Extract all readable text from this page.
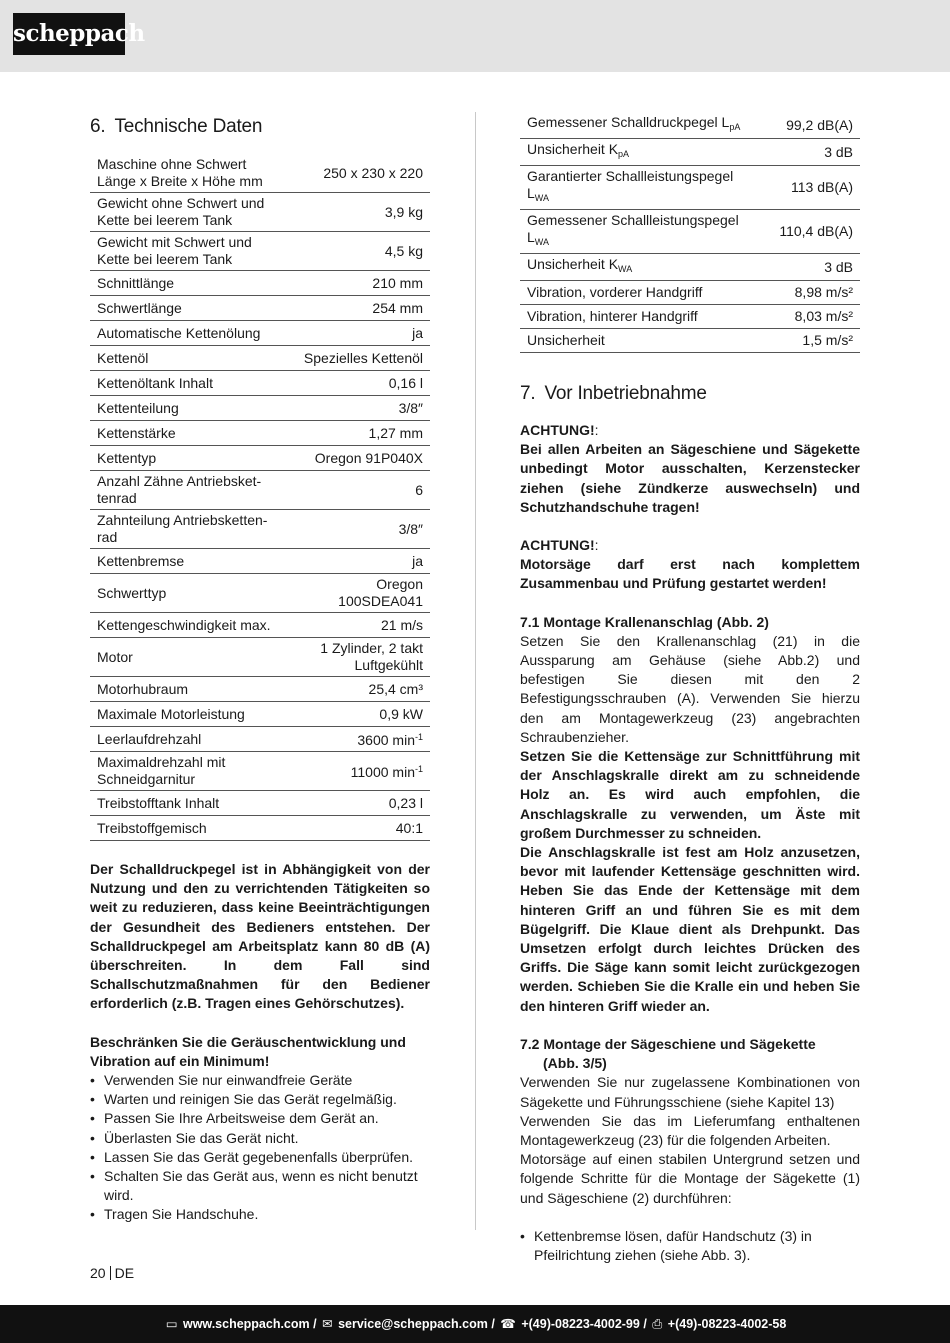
scheppach
6. Technische Daten
Maschine ohne Schwert Länge x Breite x Höhe mm	250 x 230 x 220
Gewicht ohne Schwert und Kette bei leerem Tank	3,9 kg
Gewicht mit Schwert und Kette bei leerem Tank	4,5 kg
Schnittlänge	210 mm
Schwertlänge	254 mm
Automatische Kettenölung	ja
Kettenöl	Spezielles Kettenöl
Kettenöltank Inhalt	0,16 l
Kettenteilung	3/8″
Kettenstärke	1,27 mm
Kettentyp	Oregon 91P040X
Anzahl Zähne Antriebsket-tenrad	6
Zahnteilung Antriebsketten-rad	3/8″
Kettenbremse	ja
Schwerttyp	Oregon 100SDEA041
Kettengeschwindigkeit max.	21 m/s
Motor	1 Zylinder, 2 takt Luftgekühlt
Motorhubraum	25,4 cm³
Maximale Motorleistung	0,9 kW
Leerlaufdrehzahl	3600 $\min^{-1}$
Maximaldrehzahl mit Schneidgarnitur	11000 $\min^{-1}$
Treibstofftank Inhalt	0,23 l
Treibstoffgemisch	40:1

Der Schalldruckpegel ist in Abhängigkeit von der Nutzung und den zu verrichtenden Tätigkeiten so weit zu reduzieren, dass keine Beeinträchtigungen der Gesundheit des Bedieners entstehen. Der Schalldruckpegel am Arbeitsplatz kann 80 dB (A) überschreiten. In dem Fall sind Schallschutzmaßnahmen für den Bediener erforderlich (z.B. Tragen eines Gehörschutzes).

Beschränken Sie die Geräuschentwicklung und Vibration auf ein Minimum!

• Verwenden Sie nur einwandfreie Geräte
• Warten und reinigen Sie das Gerät regelmäßig.
• Passen Sie Ihre Arbeitsweise dem Gerät an.
• Überlasten Sie das Gerät nicht.
• Lassen Sie das Gerät gegebenenfalls überprüfen.
• Schalten Sie das Gerät aus, wenn es nicht benutzt wird.
• Tragen Sie Handschuhe.
Gemessener Schalldruckpegel $L_{pA}$	99,2 dB(A)
Unsicherheit $K_{pA}$	3 dB
Garantierter Schallleistungspegel $L_{WA}$	113 dB(A)
Gemessener Schallleistungspegel $L_{WA}$	110,4 dB(A)
Unsicherheit $K_{WA}$	3 dB
Vibration, vorderer Handgriff	8,98 m/s²
Vibration, hinterer Handgriff	8,03 m/s²
Unsicherheit	1,5 m/s²
7. Vor Inbetriebnahme

ACHTUNG!:

Bei allen Arbeiten an Sägeschiene und Sägekette unbedingt Motor ausschalten, Kerzenstecker ziehen (siehe Zündkerze auswechseln) und Schutzhandschuhe tragen!

ACHTUNG!:

Motorsäge darf erst nach komplettem Zusammenbau und Prüfung gestartet werden!

7.1 Montage Krallenanschlag (Abb. 2)

Setzen Sie den Krallenanschlag (21) in die Aussparung am Gehäuse (siehe Abb.2) und befestigen Sie diesen mit den 2 Befestigungsschrauben (A). Verwenden Sie hierzu den am Montagewerkzeug (23) angebrachten Schraubenzieher.

Setzen Sie die Kettensäge zur Schnittführung mit der Anschlagskralle direkt am zu schneidende Holz an. Es wird auch empfohlen, die Anschlagskralle zu verwenden, um Äste mit großem Durchmesser zu schneiden.
Die Anschlagskralle ist fest am Holz anzusetzen, bevor mit laufender Kettensäge geschnitten wird. Heben Sie das Ende der Kettensäge mit dem hinteren Griff an und führen Sie es mit dem Bügelgriff. Die Klaue dient als Drehpunkt. Das Umsetzen erfolgt durch leichtes Drücken des Griffs. Die Säge kann somit leicht zurückgezogen werden. Schieben Sie die Kralle ein und heben Sie den hinteren Griff wieder an.

7.2 Montage der Sägeschiene und Sägekette

(Abb. 3/5)

Verwenden Sie nur zugelassene Kombinationen von Sägekette und Führungsschiene (siehe Kapitel 13)

Verwenden Sie das im Lieferumfang enthaltenen Montagewerkzeug (23) für die folgenden Arbeiten.

Motorsäge auf einen stabilen Untergrund setzen und folgende Schritte für die Montage der Sägekette (1) und Sägeschiene (2) durchführen:

• Kettenbremse lösen, dafür Handschutz (3) in Pfeilrichtung ziehen (siehe Abb. 3).
20 DE
▭ www.scheppach.com / ✉ service@scheppach.com / ☎ +(49)-08223-4002-99 / ⎙ +(49)-08223-4002-58
